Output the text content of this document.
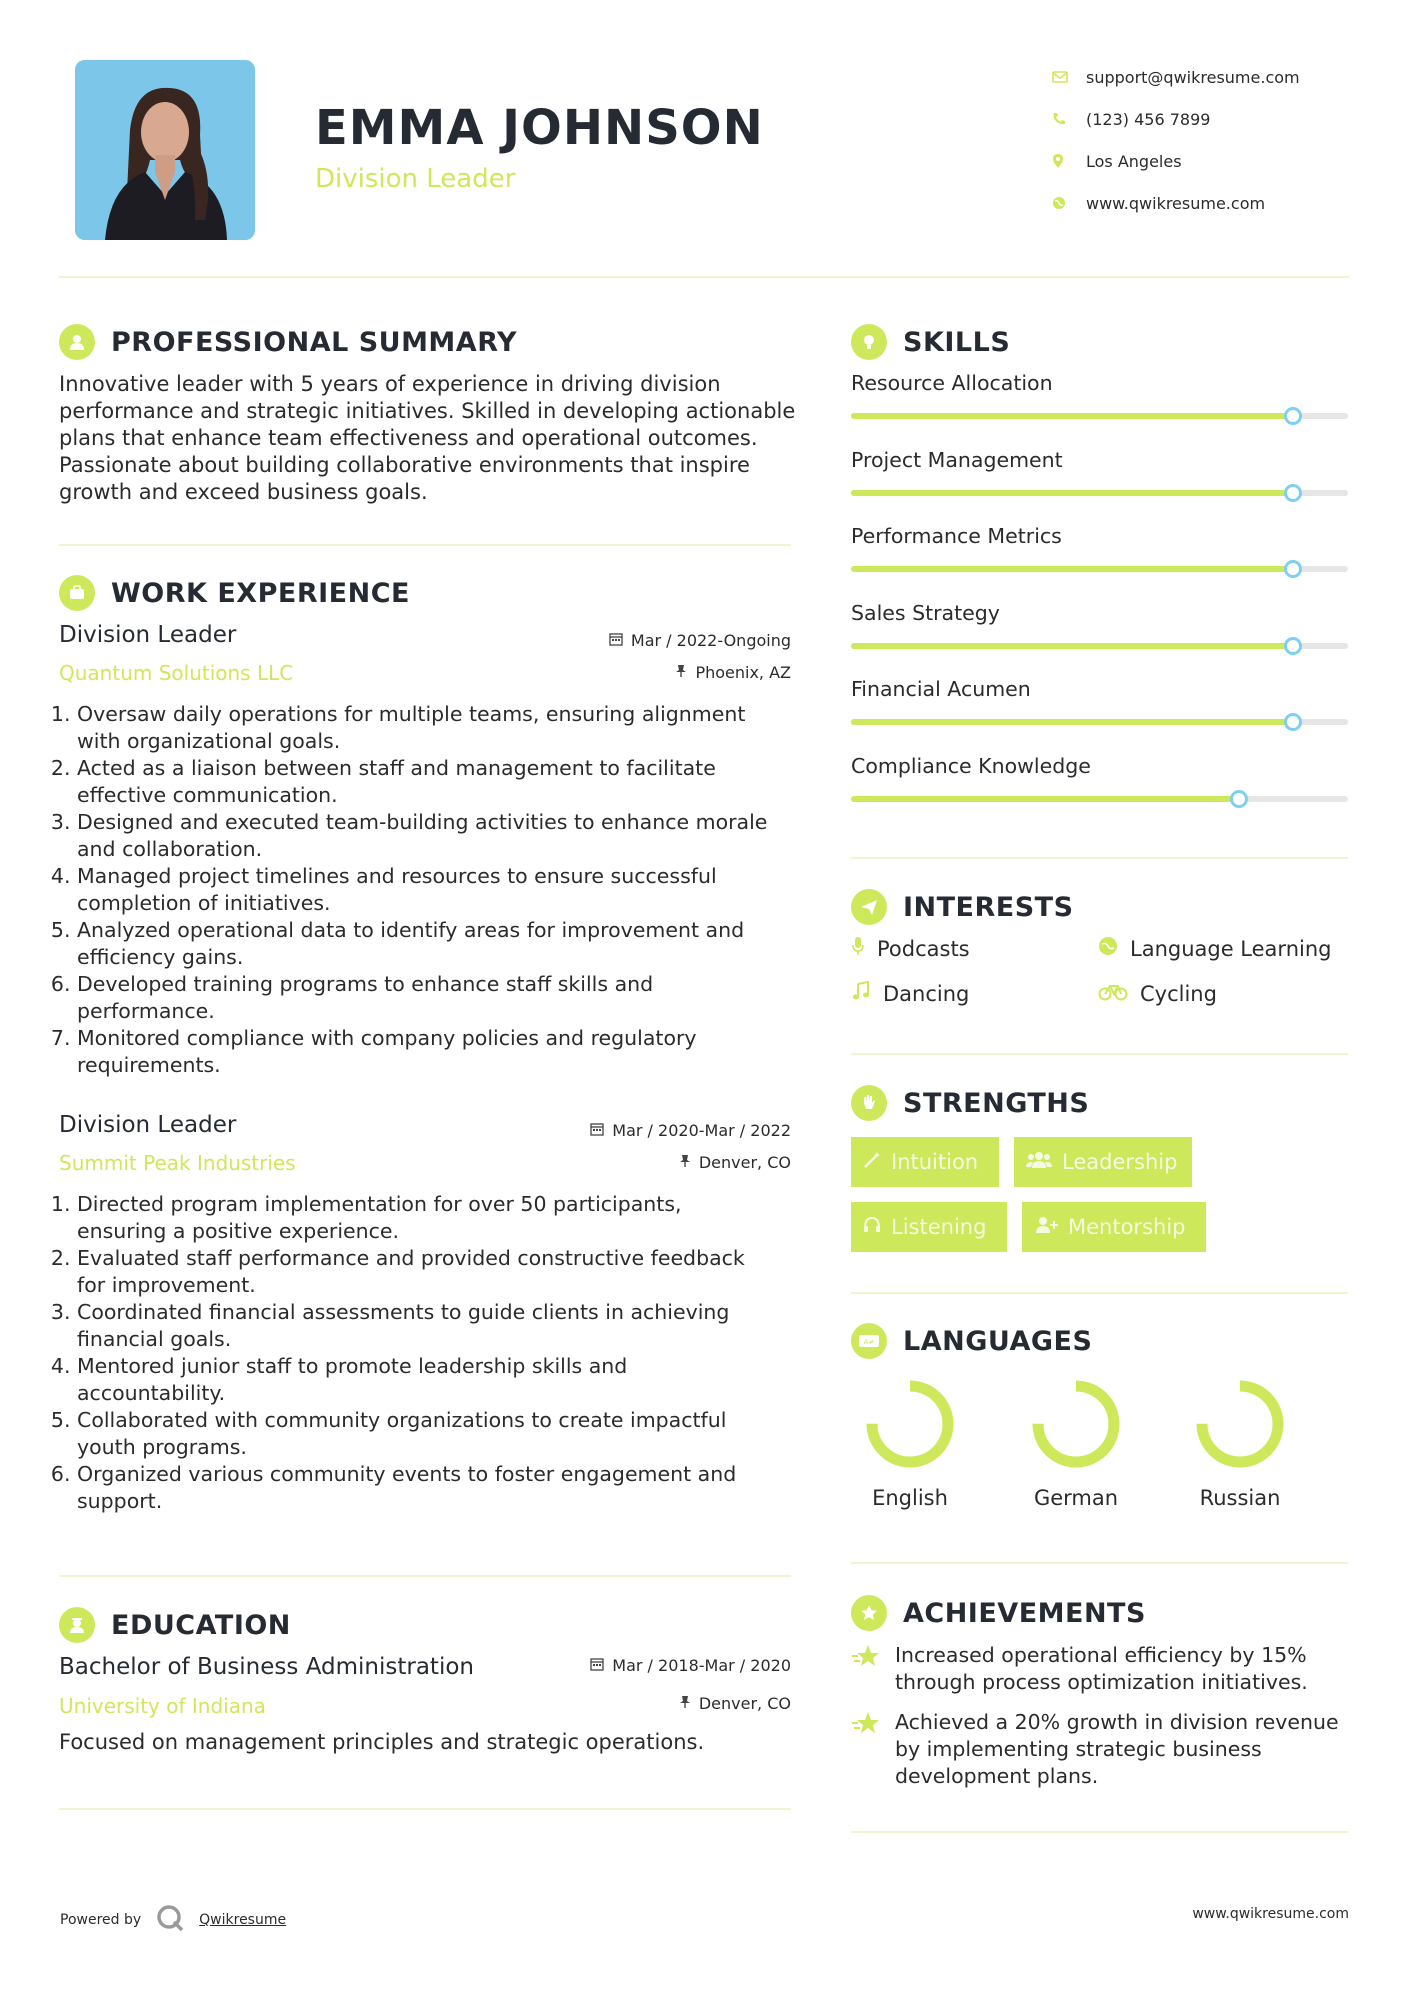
EMMA JOHNSON
Division Leader
support@qwikresume.com
(123) 456 7899
Los Angeles
www.qwikresume.com
PROFESSIONAL SUMMARY
Innovative leader with 5 years of experience in driving division
performance and strategic initiatives. Skilled in developing actionable
plans that enhance team effectiveness and operational outcomes.
Passionate about building collaborative environments that inspire
growth and exceed business goals.
WORK EXPERIENCE
Division Leader
Quantum Solutions LLC
Mar / 2022-Ongoing
Phoenix, AZ
1. Oversaw daily operations for multiple teams, ensuring alignment
with organizational goals.
2. Acted as a liaison between staff and management to facilitate
effective communication.
3. Designed and executed team-building activities to enhance morale
and collaboration.
4. Managed project timelines and resources to ensure successful
completion of initiatives.
5. Analyzed operational data to identify areas for improvement and
efficiency gains.
6. Developed training programs to enhance staff skills and
performance.
7. Monitored compliance with company policies and regulatory
requirements.
Division Leader
Summit Peak Industries
Mar / 2020-Mar / 2022
Denver, CO
1. Directed program implementation for over 50 participants,
ensuring a positive experience.
2. Evaluated staff performance and provided constructive feedback
for improvement.
3. Coordinated financial assessments to guide clients in achieving
financial goals.
4. Mentored junior staff to promote leadership skills and
accountability.
5. Collaborated with community organizations to create impactful
youth programs.
6. Organized various community events to foster engagement and
support.
EDUCATION
Bachelor of Business Administration
University of Indiana
Mar / 2018-Mar / 2020
Denver, CO
Focused on management principles and strategic operations.
SKILLS
Resource Allocation
Project Management
Performance Metrics
Sales Strategy
Financial Acumen
Compliance Knowledge
INTERESTS
Podcasts	Language Learning
Dancing	Cycling
STRENGTHS
Intuition	Leadership
Listening	Mentorship
A≠ LANGUAGES
English	German	Russian
ACHIEVEMENTS
Increased operational efficiency by 15%
through process optimization initiatives.
Achieved a 20% growth in division revenue
by implementing strategic business
development plans.
Powered by	Qwikresume	www.qwikresume.com
